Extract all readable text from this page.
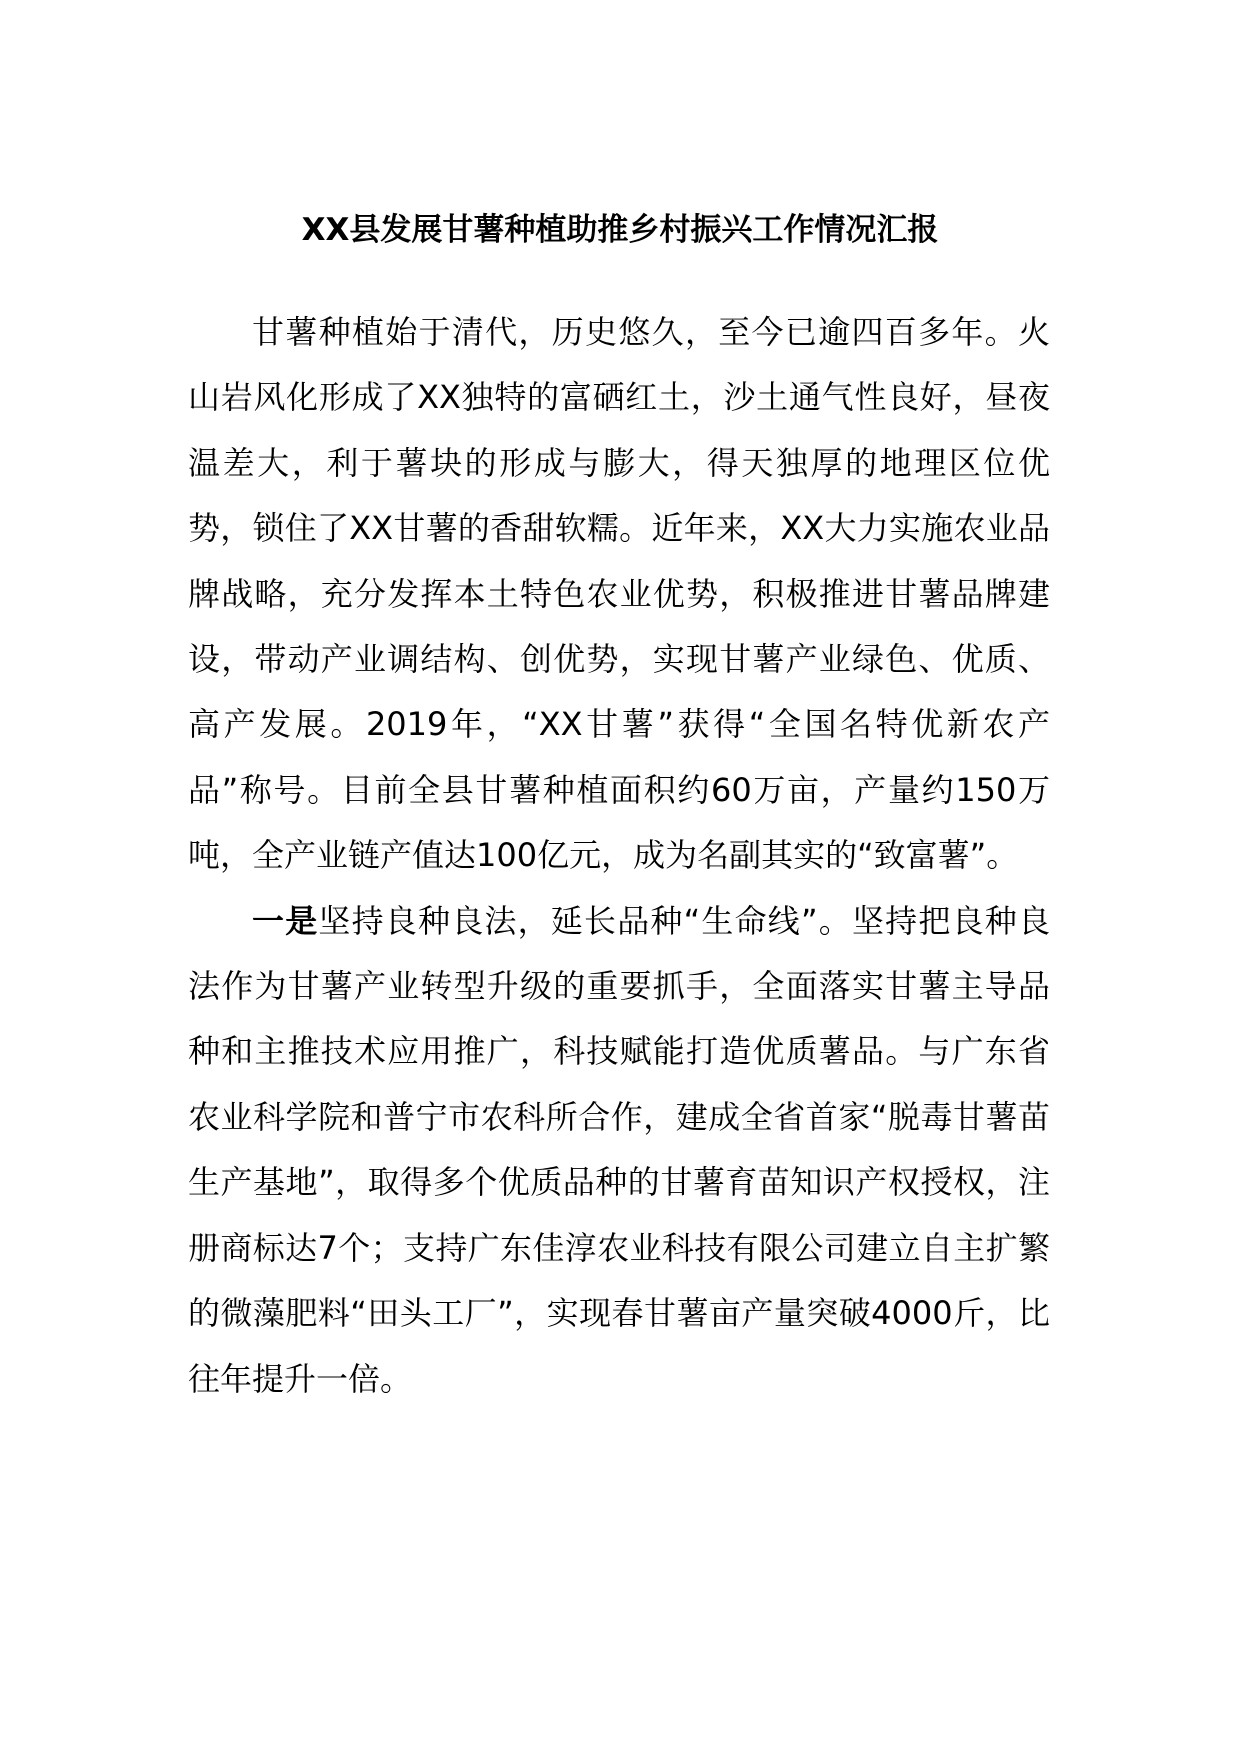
XX县发展甘薯种植助推乡村振兴工作情况汇报

甘薯种植始于清代，历史悠久，至今已逾四百多年。火山岩风化形成了XX独特的富硒红土，沙土通气性良好，昼夜温差大，利于薯块的形成与膨大，得天独厚的地理区位优势，锁住了XX甘薯的香甜软糯。近年来，XX大力实施农业品牌战略，充分发挥本土特色农业优势，积极推进甘薯品牌建设，带动产业调结构、创优势，实现甘薯产业绿色、优质、高产发展。2019年，“XX甘薯”获得“全国名特优新农产品”称号。目前全县甘薯种植面积约60万亩，产量约150万吨，全产业链产值达100亿元，成为名副其实的“致富薯”。

一是坚持良种良法，延长品种“生命线”。坚持把良种良法作为甘薯产业转型升级的重要抓手，全面落实甘薯主导品种和主推技术应用推广，科技赋能打造优质薯品。与广东省农业科学院和普宁市农科所合作，建成全省首家“脱毒甘薯苗生产基地”，取得多个优质品种的甘薯育苗知识产权授权，注册商标达7个；支持广东佳淳农业科技有限公司建立自主扩繁的微藻肥料“田头工厂”，实现春甘薯亩产量突破4000斤，比往年提升一倍。
